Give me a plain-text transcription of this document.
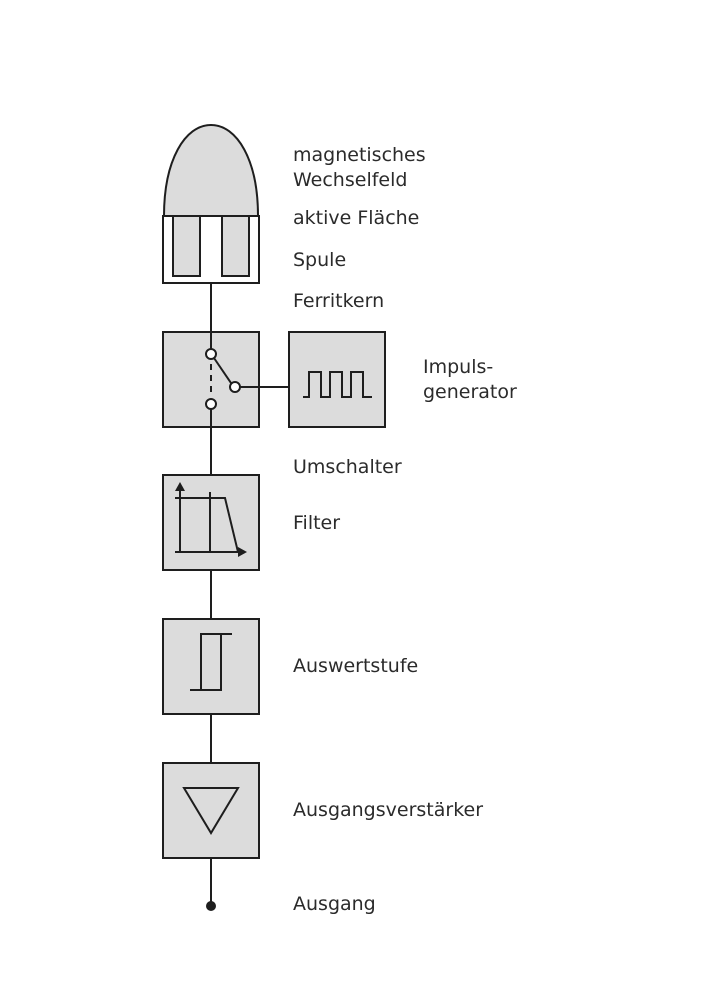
magnetisches
Wechselfeld
aktive Fläche
Spule
Ferritkern
Impuls-
generator
Umschalter
Filter
Auswertstufe
Ausgangsverstärker
Ausgang
